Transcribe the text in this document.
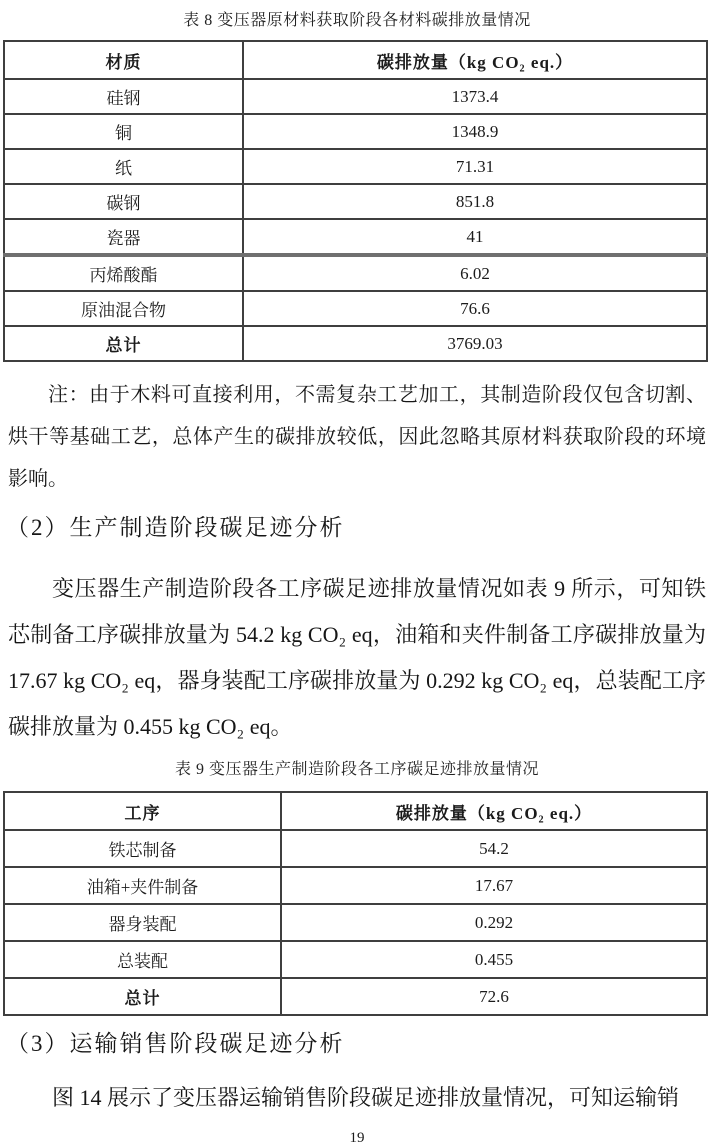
表 8 变压器原材料获取阶段各材料碳排放量情况
材质	碳排放量（kg CO₂ eq.）
硅钢	1373.4
铜	1348.9
纸	71.31
碳钢	851.8
瓷器	41
丙烯酸酯	6.02
原油混合物	76.6
总计	3769.03

注：由于木料可直接利用，不需复杂工艺加工，其制造阶段仅包含切割、烘干等基础工艺，总体产生的碳排放较低，因此忽略其原材料获取阶段的环境影响。

（2）生产制造阶段碳足迹分析

变压器生产制造阶段各工序碳足迹排放量情况如表 9 所示，可知铁芯制备工序碳排放量为 54.2 kg CO₂ eq，油箱和夹件制备工序碳排放量为 17.67 kg CO₂ eq，器身装配工序碳排放量为 0.292 kg CO₂ eq，总装配工序碳排放量为 0.455 kg CO₂ eq。

表 9 变压器生产制造阶段各工序碳足迹排放量情况
工序	碳排放量（kg CO₂ eq.）
铁芯制备	54.2
油箱+夹件制备	17.67
器身装配	0.292
总装配	0.455
总计	72.6
（3）运输销售阶段碳足迹分析

图 14 展示了变压器运输销售阶段碳足迹排放量情况，可知运输销

19
